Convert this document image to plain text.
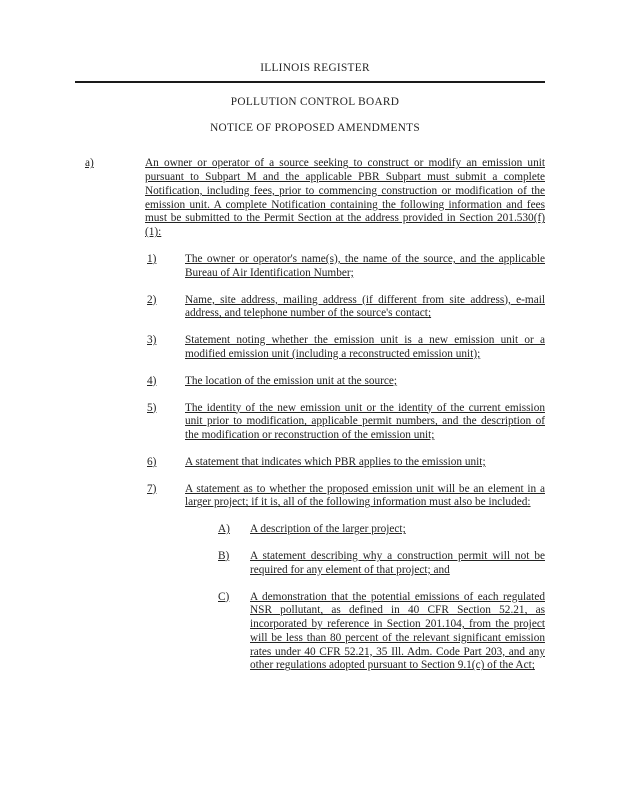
ILLINOIS REGISTER
POLLUTION CONTROL BOARD
NOTICE OF PROPOSED AMENDMENTS
a)	An owner or operator of a source seeking to construct or modify an emission unit pursuant to Subpart M and the applicable PBR Subpart must submit a complete Notification, including fees, prior to commencing construction or modification of the emission unit. A complete Notification containing the following information and fees must be submitted to the Permit Section at the address provided in Section 201.530(f)(1):
1)	The owner or operator's name(s), the name of the source, and the applicable Bureau of Air Identification Number;
2)	Name, site address, mailing address (if different from site address), e-mail address, and telephone number of the source's contact;
3)	Statement noting whether the emission unit is a new emission unit or a modified emission unit (including a reconstructed emission unit);
4)	The location of the emission unit at the source;
5)	The identity of the new emission unit or the identity of the current emission unit prior to modification, applicable permit numbers, and the description of the modification or reconstruction of the emission unit;
6)	A statement that indicates which PBR applies to the emission unit;
7)	A statement as to whether the proposed emission unit will be an element in a larger project; if it is, all of the following information must also be included:
A)	A description of the larger project;
B)	A statement describing why a construction permit will not be required for any element of that project; and
C)	A demonstration that the potential emissions of each regulated NSR pollutant, as defined in 40 CFR Section 52.21, as incorporated by reference in Section 201.104, from the project will be less than 80 percent of the relevant significant emission rates under 40 CFR 52.21, 35 Ill. Adm. Code Part 203, and any other regulations adopted pursuant to Section 9.1(c) of the Act;
